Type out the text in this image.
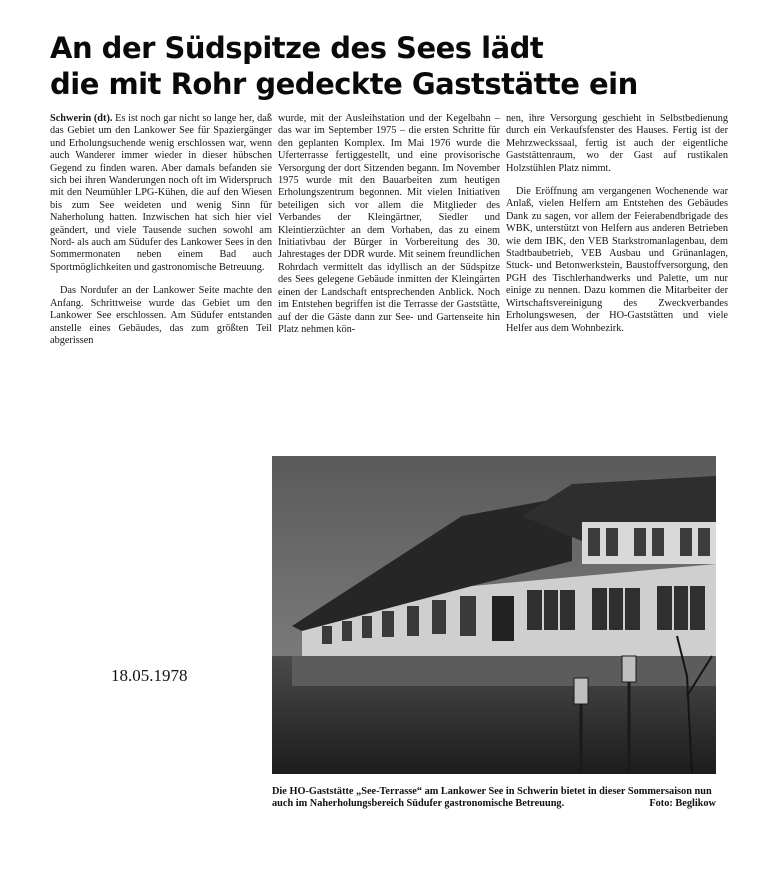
An der Südspitze des Sees lädt
die mit Rohr gedeckte Gaststätte ein

Schwerin (dt). Es ist noch gar nicht so lange her, daß das Gebiet um den Lankower See für Spaziergänger und Erholungsuchende wenig erschlossen war, wenn auch Wanderer immer wieder in dieser hübschen Gegend zu finden waren. Aber damals befanden sie sich bei ihren Wanderungen noch oft im Widerspruch mit den Neumühler LPG-Kühen, die auf den Wiesen bis zum See weideten und wenig Sinn für Naherholung hatten. Inzwischen hat sich hier viel geändert, und viele Tausende suchen sowohl am Nord- als auch am Südufer des Lankower Sees in den Sommermonaten neben einem Bad auch Sportmöglichkeiten und gastronomische Betreuung.

Das Nordufer an der Lankower Seite machte den Anfang. Schrittweise wurde das Gebiet um den Lankower See erschlossen. Am Südufer entstanden anstelle eines Gebäudes, das zum größten Teil abgerissen

wurde, mit der Ausleihstation und der Kegelbahn – das war im September 1975 – die ersten Schritte für den geplanten Komplex. Im Mai 1976 wurde die Uferterrasse fertiggestellt, und eine provisorische Versorgung der dort Sitzenden begann. Im November 1975 wurde mit den Bauarbeiten zum heutigen Erholungszentrum begonnen. Mit vielen Initiativen beteiligen sich vor allem die Mitglieder des Verbandes der Kleingärtner, Siedler und Kleintierzüchter an dem Vorhaben, das zu einem Initiativbau der Bürger in Vorbereitung des 30. Jahrestages der DDR wurde. Mit seinem freundlichen Rohrdach vermittelt das idyllisch an der Südspitze des Sees gelegene Gebäude inmitten der Kleingärten einen der Landschaft entsprechenden Anblick. Noch im Entstehen begriffen ist die Terrasse der Gaststätte, auf der die Gäste dann zur See- und Gartenseite hin Platz nehmen kön-

nen, ihre Versorgung geschieht in Selbstbedienung durch ein Verkaufsfenster des Hauses. Fertig ist der Mehrzweckssaal, fertig ist auch der eigentliche Gaststättenraum, wo der Gast auf rustikalen Holzstühlen Platz nimmt.

Die Eröffnung am vergangenen Wochenende war Anlaß, vielen Helfern am Entstehen des Gebäudes Dank zu sagen, vor allem der Feierabendbrigade des WBK, unterstützt von Helfern aus anderen Betrieben wie dem IBK, den VEB Starkstromanlagenbau, dem Stadtbaubetrieb, VEB Ausbau und Grünanlagen, Stuck- und Betonwerkstein, Baustoffversorgung, den PGH des Tischlerhandwerks und Palette, um nur einige zu nennen. Dazu kommen die Mitarbeiter der Wirtschaftsvereinigung des Zweckverbandes Erholungswesen, der HO-Gaststätten und viele Helfer aus dem Wohnbezirk.

18.05.1978
Die HO-Gaststätte „See-Terrasse“ am Lankower See in Schwerin bietet in dieser Sommersaison nun auch im Naherholungsbereich Südufer gastronomische Betreuung.	Foto: Beglikow
